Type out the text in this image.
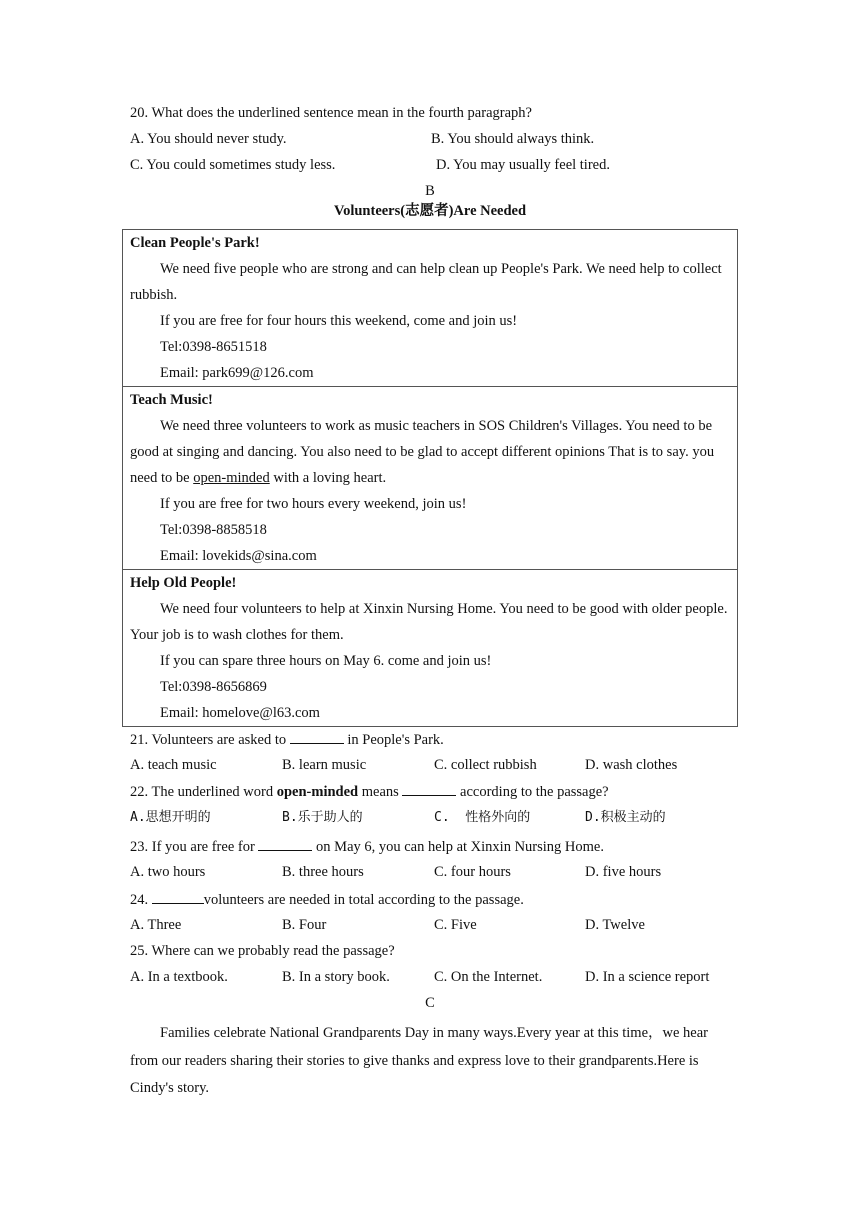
20. What does the underlined sentence mean in the fourth paragraph?
A. You should never study.	B. You should always think.
C. You could sometimes study less.	D. You may usually feel tired.
B
Volunteers(志愿者)Are Needed

Clean People's Park!

We need five people who are strong and can help clean up People's Park. We need help to collect rubbish.

If you are free for four hours this weekend, come and join us!

Tel:0398-8651518

Email: park699@126.com

Teach Music!

We need three volunteers to work as music teachers in SOS Children's Villages. You need to be good at singing and dancing. You also need to be glad to accept different opinions That is to say. you need to be open-minded with a loving heart.

If you are free for two hours every weekend, join us!

Tel:0398-8858518

Email: lovekids@sina.com

Help Old People!

We need four volunteers to help at Xinxin Nursing Home. You need to be good with older people. Your job is to wash clothes for them.

If you can spare three hours on May 6. come and join us!

Tel:0398-8656869

Email: homelove@l63.com

21. Volunteers are asked to	in People's Park.
A. teach music	B. learn music	C. collect rubbish	D. wash clothes
22. The underlined word open-minded means	according to the passage?
A.思想开明的	B.乐于助人的	C.  性格外向的	D.积极主动的
23. If you are free for	on May 6, you can help at Xinxin Nursing Home.
A. two hours	B. three hours	C. four hours	D. five hours
24.	volunteers are needed in total according to the passage.
A. Three	B. Four	C. Five	D. Twelve
25. Where can we probably read the passage?
A. In a textbook.	B. In a story book.	C. On the Internet.	D. In a science report
C
Families celebrate National Grandparents Day in many ways.Every year at this time，we hear from our readers sharing their stories to give thanks and express love to their grandparents.Here is Cindy's story.
